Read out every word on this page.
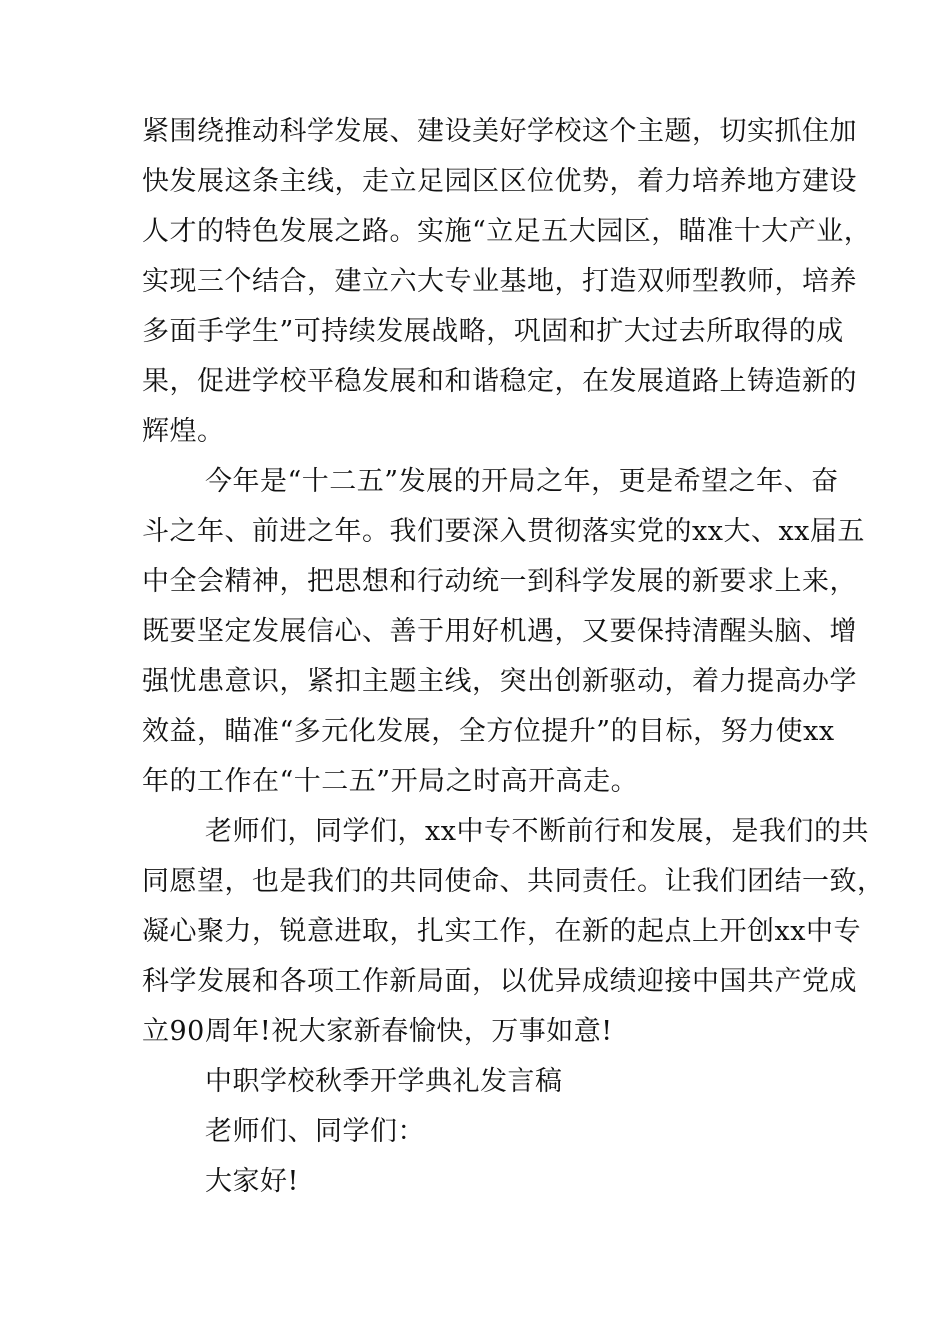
紧围绕推动科学发展、建设美好学校这个主题，切实抓住加
快发展这条主线，走立足园区区位优势，着力培养地方建设
人才的特色发展之路。实施“立足五大园区，瞄准十大产业，
实现三个结合，建立六大专业基地，打造双师型教师，培养
多面手学生”可持续发展战略，巩固和扩大过去所取得的成
果，促进学校平稳发展和和谐稳定，在发展道路上铸造新的
辉煌。
今年是“十二五”发展的开局之年，更是希望之年、奋
斗之年、前进之年。我们要深入贯彻落实党的xx大、xx届五
中全会精神，把思想和行动统一到科学发展的新要求上来，
既要坚定发展信心、善于用好机遇，又要保持清醒头脑、增
强忧患意识，紧扣主题主线，突出创新驱动，着力提高办学
效益，瞄准“多元化发展，全方位提升”的目标，努力使xx
年的工作在“十二五”开局之时高开高走。
老师们，同学们，xx中专不断前行和发展，是我们的共
同愿望，也是我们的共同使命、共同责任。让我们团结一致，
凝心聚力，锐意进取，扎实工作，在新的起点上开创xx中专
科学发展和各项工作新局面，以优异成绩迎接中国共产党成
立90周年!祝大家新春愉快，万事如意!
中职学校秋季开学典礼发言稿
老师们、同学们：
大家好!
